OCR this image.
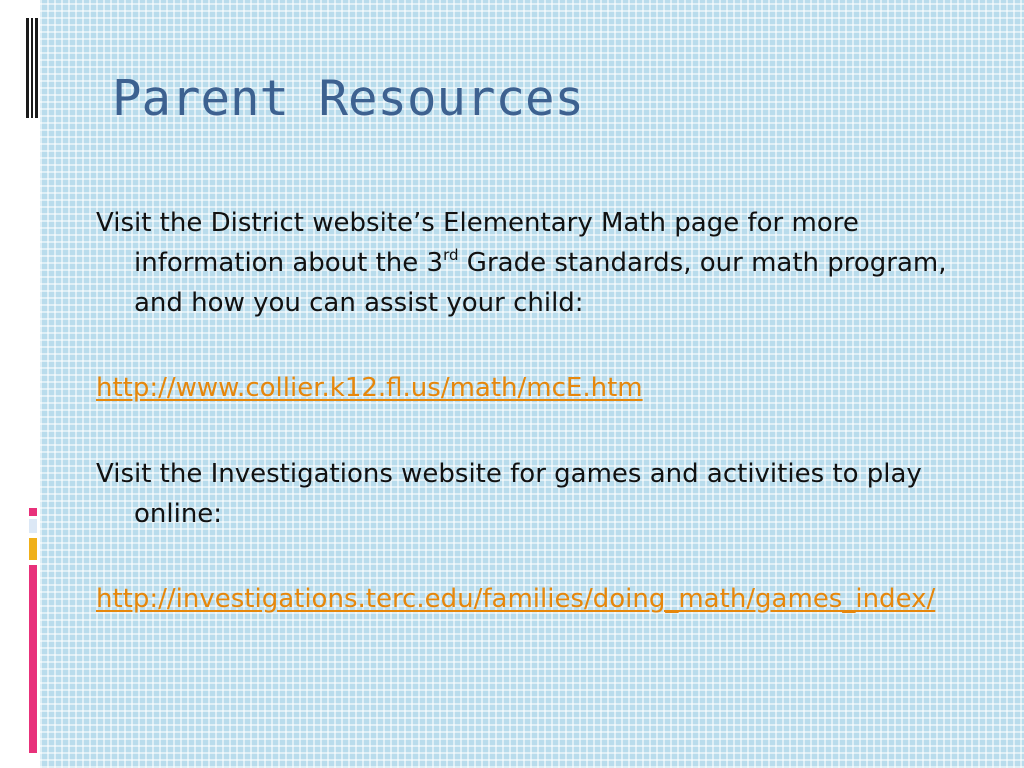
Parent Resources

Visit the District website’s Elementary Math page for more information about the 3rd Grade standards, our math program, and how you can assist your child:

http://www.collier.k12.fl.us/math/mcE.htm

Visit the Investigations website for games and activities to play online:

http://investigations.terc.edu/families/doing_math/games_index/
